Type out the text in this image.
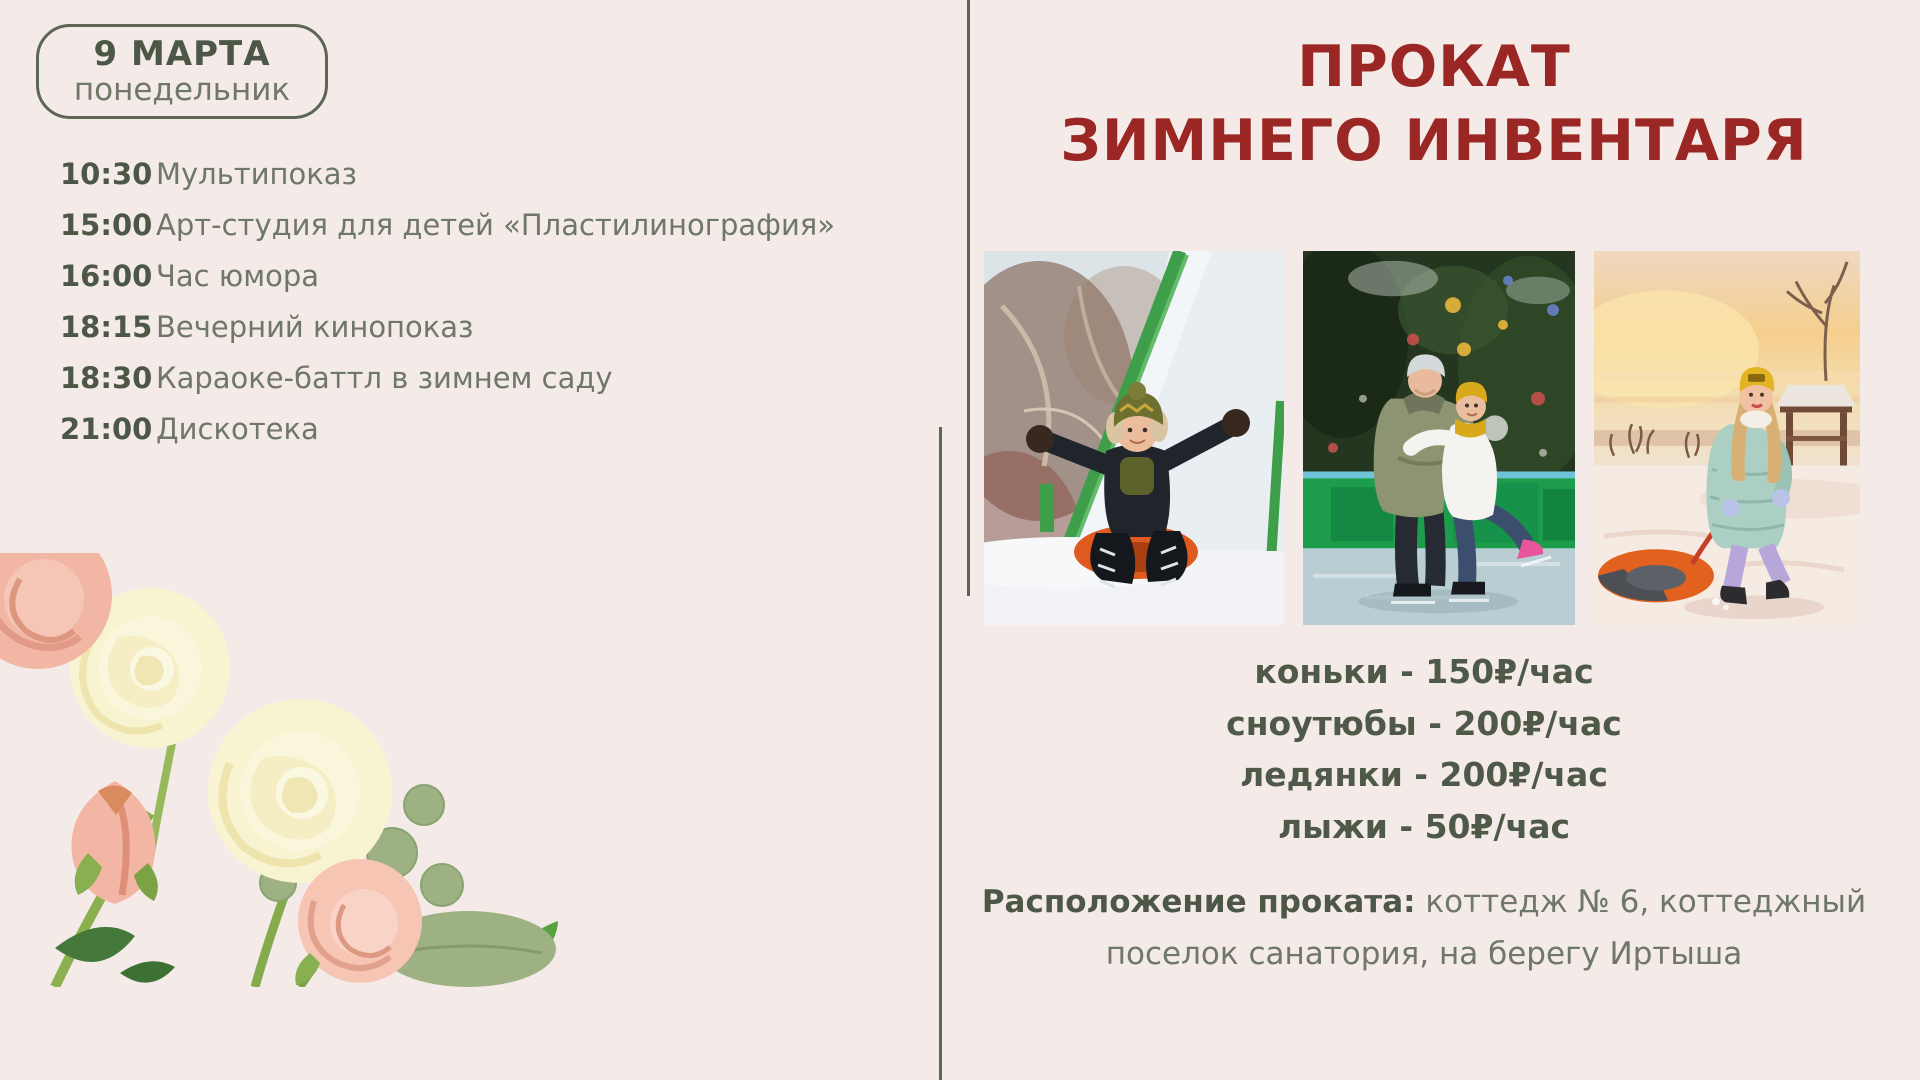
9 МАРТА
понедельник
10:30 Мультипоказ
15:00 Арт-студия для детей «Пластилинография»
16:00 Час юмора
18:15 Вечерний кинопоказ
18:30 Караоке-баттл в зимнем саду
21:00 Дискотека
ПРОКАТ
ЗИМНЕГО ИНВЕНТАРЯ
коньки - 150₽/час
сноутюбы - 200₽/час
ледянки - 200₽/час
лыжи - 50₽/час
Расположение проката: коттедж № 6, коттеджный
поселок санатория, на берегу Иртыша
